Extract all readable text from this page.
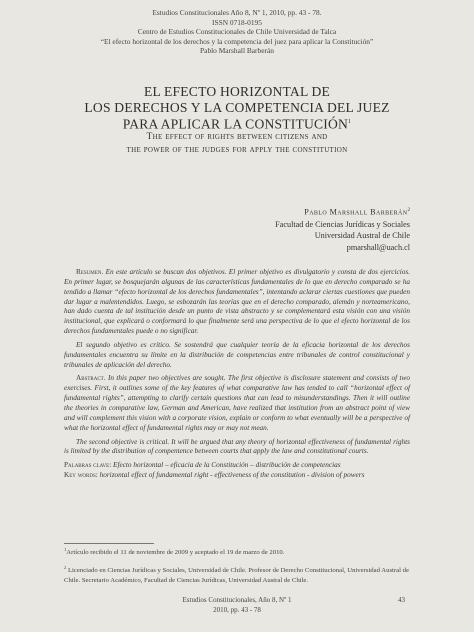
Estudios Constitucionales Año 8, Nº 1, 2010, pp. 43 - 78.
ISSN 0718-0195
Centro de Estudios Constitucionales de Chile Universidad de Talca
“El efecto horizontal de los derechos y la competencia del juez para aplicar la Constitución”
Pablo Marshall Barberán
EL EFECTO HORIZONTAL DE
LOS DERECHOS Y LA COMPETENCIA DEL JUEZ
PARA APLICAR LA CONSTITUCIÓN$^1$
The effect of rights between citizens and
the power of the judges for apply the constitution
Pablo Marshall Barberán$^2$
Facultad de Ciencias Jurídicas y Sociales
Universidad Austral de Chile
pmarshall@uach.cl

Resumen. En este artículo se buscan dos objetivos. El primer objetivo es divulgatorio y consta de dos ejercicios. En primer lugar, se bosquejarán algunas de las características fundamentales de lo que en derecho comparado se ha tendido a llamar “efecto horizontal de los derechos fundamentales”, intentando aclarar ciertas cuestiones que pueden dar lugar a malentendidos. Luego, se esbozarán las teorías que en el derecho comparado, alemán y norteamericano, han dado cuenta de tal institución desde un punto de vista abstracto y se complementará esta visión con una visión institucional, que explicará o conformará lo que finalmente será una perspectiva de lo que el efecto horizontal de los derechos fundamentales puede o no significar.

El segundo objetivo es crítico. Se sostendrá que cualquier teoría de la eficacia horizontal de los derechos fundamentales encuentra su límite en la distribución de competencias entre tribunales de control constitucional y tribunales de aplicación del derecho.

Abstract. In this paper two objectives are sought. The first objective is disclosure statement and consists of two exercises. First, it outlines some of the key features of what comparative law has tended to call “horizontal effect of fundamental rights”, attempting to clarify certain questions that can lead to misunderstandings. Then it will outline the theories in comparative law, German and American, have realized that institution from an abstract point of view and will complement this vision with a corporate vision, explain or conform to what eventually will be a perspective of what the horizontal effect of fundamental rights may or may not mean.

The second objective is critical. It will be argued that any theory of horizontal effectiveness of fundamental rights is limited by the distribution of compentence between courts that apply the law and constitutional courts.

Palabras clave: Efecto horizontal – eficacia de la Constitución – distribución de competencias

Key words: horizontal effect of fundamental right - effectiveness of the constitution - division of powers

$^1$Artículo recibido el 11 de noviembre de 2009 y aceptado el 19 de marzo de 2010.

$^2$ Licenciado en Ciencias Jurídicas y Sociales, Universidad de Chile. Profesor de Derecho Constitucional, Universidad Austral de Chile. Secretario Académico, Facultad de Ciencias Jurídicas, Universidad Austral de Chile.

Estudios Constitucionales, Año 8, Nº 1
2010, pp. 43 - 78
43
